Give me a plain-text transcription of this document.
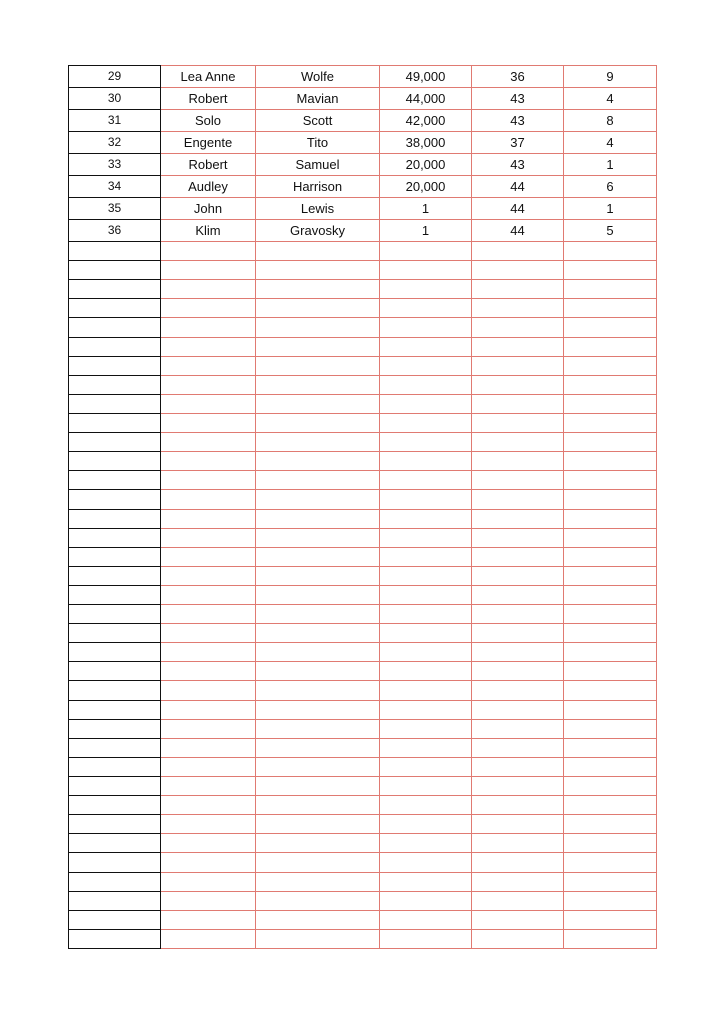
29	Lea Anne	Wolfe	49,000	36	9
30	Robert	Mavian	44,000	43	4
31	Solo	Scott	42,000	43	8
32	Engente	Tito	38,000	37	4
33	Robert	Samuel	20,000	43	1
34	Audley	Harrison	20,000	44	6
35	John	Lewis	1	44	1
36	Klim	Gravosky	1	44	5
